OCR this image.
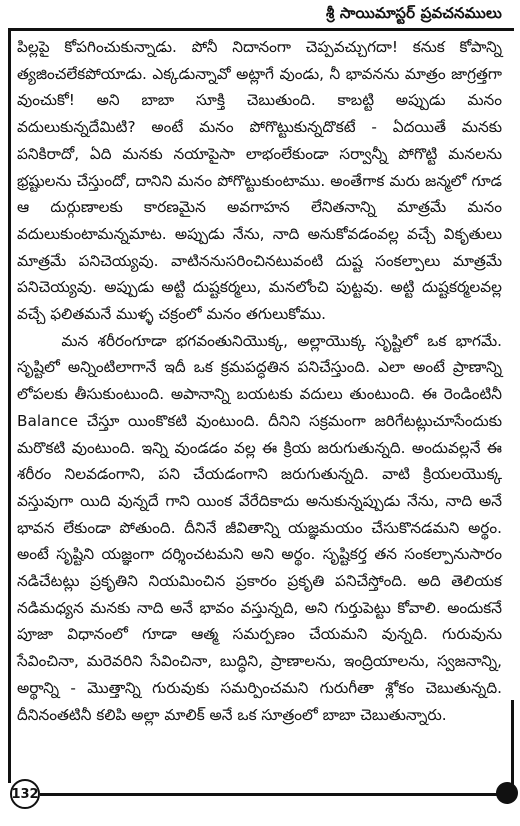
శ్రీ సాయిమాస్టర్ ప్రవచనములు

పిల్లపై కోపగించుకున్నాడు. పోనీ నిదానంగా చెప్పవచ్చుగదా! కనుక కోపాన్ని త్యజించలేకపోయాడు. ఎక్కడున్నావో అట్లాగే వుండు, నీ భావనను మాత్రం జాగ్రత్తగా వుంచుకో! అని బాబా సూక్తి చెబుతుంది. కాబట్టి అప్పుడు మనం వదులుకున్నదేమిటి? అంటే మనం పోగొట్టుకున్నదొకటే - ఏదయితే మనకు పనికిరాదో, ఏది మనకు నయాపైసా లాభంలేకుండా సర్వాన్నీ పోగొట్టి మనలను భ్రష్టులను చేస్తుందో, దానిని మనం పోగొట్టుకుంటాము. అంతేగాక మరు జన్మలో గూడ ఆ దుర్గుణాలకు కారణమైన అవగాహన లేనితనాన్ని మాత్రమే మనం వదులుకుంటామన్నమాట. అప్పుడు నేను, నాది అనుకోవడంవల్ల వచ్చే వికృతులు మాత్రమే పనిచెయ్యవు. వాటిననుసరించినటువంటి దుష్ట సంకల్పాలు మాత్రమే పనిచెయ్యవు. అప్పుడు అట్టి దుష్టకర్మలు, మనలోంచి పుట్టవు. అట్టి దుష్టకర్మలవల్ల వచ్చే ఫలితమనే ముళ్ళ చక్రంలో మనం తగులుకోము.

మన శరీరంగూడా భగవంతునియొక్క, అల్లాయొక్క సృష్టిలో ఒక భాగమే. సృష్టిలో అన్నింటిలాగానే ఇదీ ఒక క్రమపద్ధతిన పనిచేస్తుంది. ఎలా అంటే ప్రాణాన్ని లోపలకు తీసుకుంటుంది. అపానాన్ని బయటకు వదులు తుంటుంది. ఈ రెండింటినీ Balance చేస్తూ యింకొకటి వుంటుంది. దీనిని సక్రమంగా జరిగేటట్లుచూసేందుకు మరొకటి వుంటుంది. ఇన్ని వుండడం వల్ల ఈ క్రియ జరుగుతున్నది. అందువల్లనే ఈ శరీరం నిలవడంగాని, పని చేయడంగాని జరుగుతున్నది. వాటి క్రియలయొక్క వస్తువుగా యిది వున్నదే గాని యింక వేరేదికాదు అనుకున్నప్పుడు నేను, నాది అనే భావన లేకుండా పోతుంది. దీనినే జీవితాన్ని యజ్ఞమయం చేసుకొనడమని అర్థం. అంటే సృష్టిని యజ్ఞంగా దర్శించటమని అని అర్థం. సృష్టికర్త తన సంకల్పానుసారం నడిచేటట్లు ప్రకృతిని నియమించిన ప్రకారం ప్రకృతి పనిచేస్తోంది. అది తెలియక నడిమధ్యన మనకు నాది అనే భావం వస్తున్నది, అని గుర్తుపెట్టు కోవాలి. అందుకనే పూజా విధానంలో గూడా ఆత్మ సమర్పణం చేయమని వున్నది. గురువును సేవించినా, మరెవరిని సేవించినా, బుద్ధిని, ప్రాణాలను, ఇంద్రియాలను, స్వజనాన్ని, అర్థాన్ని - మొత్తాన్ని గురువుకు సమర్పించమని గురుగీతా శ్లోకం చెబుతున్నది. దీనినంతటినీ కలిపి అల్లా మాలిక్ అనే ఒక సూత్రంలో బాబా చెబుతున్నారు.

132
